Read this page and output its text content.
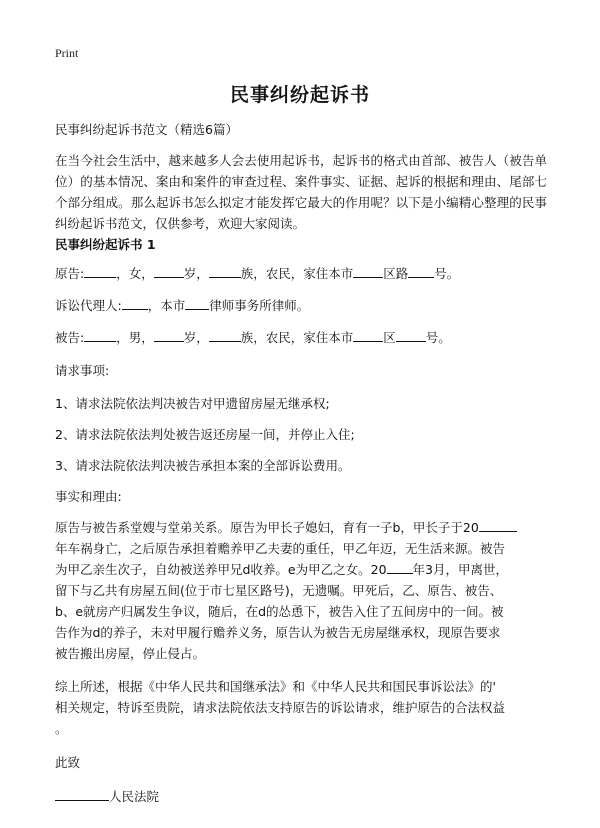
Print
民事纠纷起诉书
民事纠纷起诉书范文（精选6篇）
在当今社会生活中，越来越多人会去使用起诉书，起诉书的格式由首部、被告人（被告单位）的基本情况、案由和案件的审查过程、案件事实、证据、起诉的根据和理由、尾部七个部分组成。那么起诉书怎么拟定才能发挥它最大的作用呢？以下是小编精心整理的民事纠纷起诉书范文，仅供参考，欢迎大家阅读。
民事纠纷起诉书 1
原告:	，女， 岁，	族，农民，家住本市 区路 号。
诉讼代理人: ，本市 律师事务所律师。
被告:	，男， 岁，	族，农民，家住本市 区 号。
请求事项:
1、请求法院依法判决被告对甲遗留房屋无继承权;
2、请求法院依法判处被告返还房屋一间，并停止入住;
3、请求法院依法判决被告承担本案的全部诉讼费用。
事实和理由:
原告与被告系堂嫂与堂弟关系。原告为甲长子媳妇，育有一子b，甲长子于20
年车祸身亡，之后原告承担着赡养甲乙夫妻的重任，甲乙年迈，无生活来源。被告
为甲乙亲生次子，自幼被送养甲兄d收养。e为甲乙之女。20 年3月，甲离世，
留下与乙共有房屋五间(位于市七星区路号)，无遗嘱。甲死后，乙、原告、被告、
b、e就房产归属发生争议，随后，在d的怂恿下，被告入住了五间房中的一间。被
告作为d的养子，未对甲履行赡养义务，原告认为被告无房屋继承权，现原告要求
被告搬出房屋，停止侵占。
综上所述，根据《中华人民共和国继承法》和《中华人民共和国民事诉讼法》的'
相关规定，特诉至贵院，请求法院依法支持原告的诉讼请求，维护原告的合法权益
。
此致
人民法院
